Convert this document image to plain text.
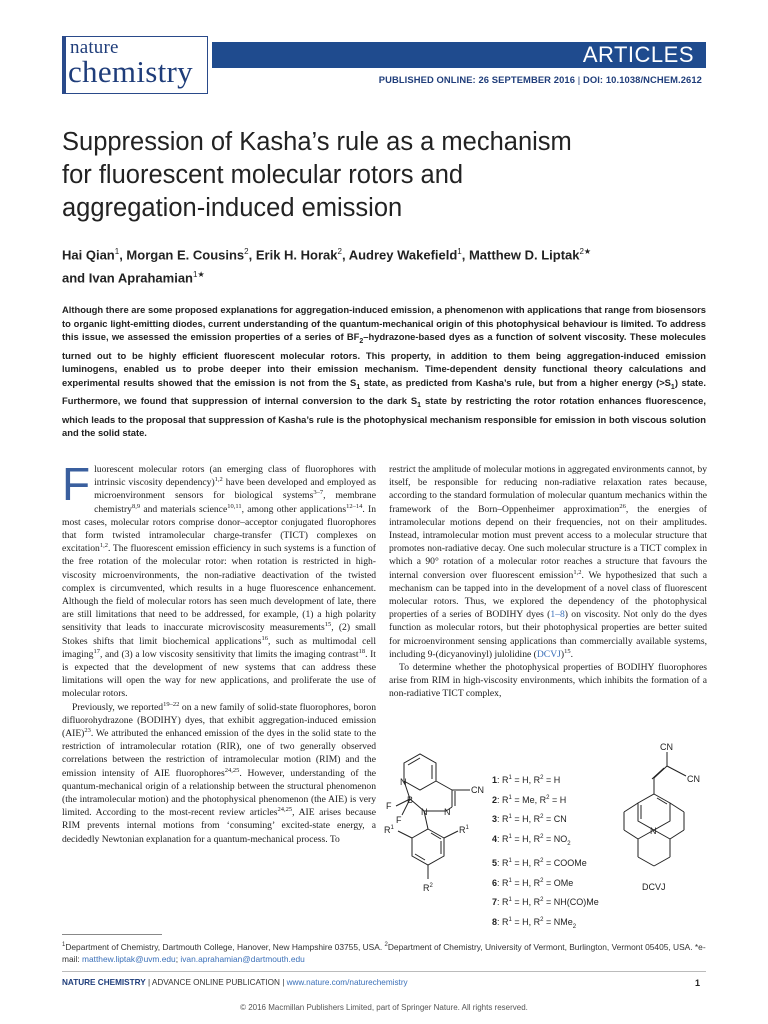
nature
chemistry	ARTICLES
PUBLISHED ONLINE: 26 SEPTEMBER 2016 | DOI: 10.1038/NCHEM.2612
Suppression of Kasha’s rule as a mechanism
for fluorescent molecular rotors and
aggregation-induced emission
Hai Qian$^1$, Morgan E. Cousins$^2$, Erik H. Horak$^2$, Audrey Wakefield$^1$, Matthew D. Liptak$^{2★}$
and Ivan Aprahamian$^{1★}$
Although there are some proposed explanations for aggregation-induced emission, a phenomenon with applications that range from biosensors to organic light-emitting diodes, current understanding of the quantum-mechanical origin of this photophysical behaviour is limited. To address this issue, we assessed the emission properties of a series of $BF_2-hydrazone$-based dyes as a function of solvent viscosity. These molecules turned out to be highly efficient fluorescent molecular rotors. This property, in addition to them being aggregation-induced emission luminogens, enabled us to probe deeper into their emission mechanism. Time-dependent density functional theory calculations and experimental results showed that the emission is not from the $S_1$ state, as predicted from Kasha’s rule, but from a higher energy $(>S_1)$ state. Furthermore, we found that suppression of internal conversion to the dark $S_1$ state by restricting the rotor rotation enhances fluorescence, which leads to the proposal that suppression of Kasha’s rule is the photophysical mechanism responsible for emission in both viscous solution and the solid state.

Fluorescent molecular rotors (an emerging class of fluorophores with intrinsic viscosity dependency)$^{1,2}$ have been developed and employed as microenvironment sensors for biological systems$^{3-7}$, membrane chemistry$^{8,9}$ and materials science$^{10,11}$, among other applications$^{12-14}$. In most cases, molecular rotors comprise donor–acceptor conjugated fluorophores that form twisted intramolecular charge-transfer (TICT) complexes on excitation$^{1,2}$. The fluorescent emission efficiency in such systems is a function of the free rotation of the molecular rotor: when rotation is restricted in high-viscosity microenvironments, the non-radiative deactivation of the twisted complex is circumvented, which results in a huge fluorescence enhancement. Although the field of molecular rotors has seen much development of late, there are still limitations that need to be addressed, for example, (1) a high polarity sensitivity that leads to inaccurate microviscosity measurements$^{15}$, (2) small Stokes shifts that limit biochemical applications$^{16}$, such as multimodal cell imaging$^{17}$, and (3) a low viscosity sensitivity that limits the imaging contrast$^{18}$. It is expected that the development of new systems that can address these limitations will open the way for new applications, and proliferate the use of molecular rotors.

Previously, we reported$^{19-22}$ on a new family of solid-state fluorophores, boron difluorohydrazone (BODIHY) dyes, that exhibit aggregation-induced emission (AIE)$^{23}$. We attributed the enhanced emission of the dyes in the solid state to the restriction of intramolecular rotation (RIR), one of two generally observed correlations between the restriction of intramolecular motion (RIM) and the emission intensity of AIE fluorophores$^{24,25}$. However, understanding of the quantum-mechanical origin of a relationship between the structural phenomenon (the intramolecular motion) and the photophysical phenomenon (the AIE) is very limited. According to the most-recent review articles$^{24,25}$, AIE arises because RIM prevents internal motions from ‘consuming’ excited-state energy, a decidedly Newtonian explanation for a quantum-mechanical process. To

restrict the amplitude of molecular motions in aggregated environments cannot, by itself, be responsible for reducing non-radiative relaxation rates because, according to the standard formulation of molecular quantum mechanics within the framework of the Born–Oppenheimer approximation$^{26}$, the energies of intramolecular motions depend on their frequencies, not on their amplitudes. Instead, intramolecular motion must prevent access to a molecular structure that promotes non-radiative decay. One such molecular structure is a TICT complex in which a 90° rotation of a molecular rotor reaches a structure that favours the internal conversion over fluorescent emission$^{1,2}$. We hypothesized that such a mechanism can be tapped into in the development of a novel class of fluorescent molecular rotors. Thus, we explored the dependency of the photophysical properties of a series of BODIHY dyes (1–8) on viscosity. Not only do the dyes function as molecular rotors, but their photophysical properties are better suited for microenvironment sensing applications than commercially available systems, including 9-(dicyanovinyl) julolidine (DCVJ)$^{15}$.

To determine whether the photophysical properties of BODIHY fluorophores arise from RIM in high-viscosity environments, which inhibits the formation of a non-radiative TICT complex,

N
B
F
F
N N
CN
$R^1$	$R^1$
$R^2$
1: $R^1 = H$, $R^2 = H$
2: $R^1 = Me$, $R^2 = H$
3: $R^1 = H$, $R^2$ = CN
4: $R^1 = H$, $R^2 = NO_2$
5: $R^1 = H$, $R^2$ = COOMe
6: $R^1 = H$, $R^2$ = OMe
7: $R^1 = H$, $R^2 = NH(CO)Me$
8: $R^1 = H$, $R^2 = NMe_2$
CN
CN
N
DCVJ
$^1$Department of Chemistry, Dartmouth College, Hanover, New Hampshire 03755, USA. $^2$Department of Chemistry, University of Vermont, Burlington, Vermont 05405, USA. *e-mail: matthew.liptak@uvm.edu; ivan.aprahamian@dartmouth.edu
NATURE CHEMISTRY | ADVANCE ONLINE PUBLICATION | www.nature.com/naturechemistry	1
© 2016 Macmillan Publishers Limited, part of Springer Nature. All rights reserved.
